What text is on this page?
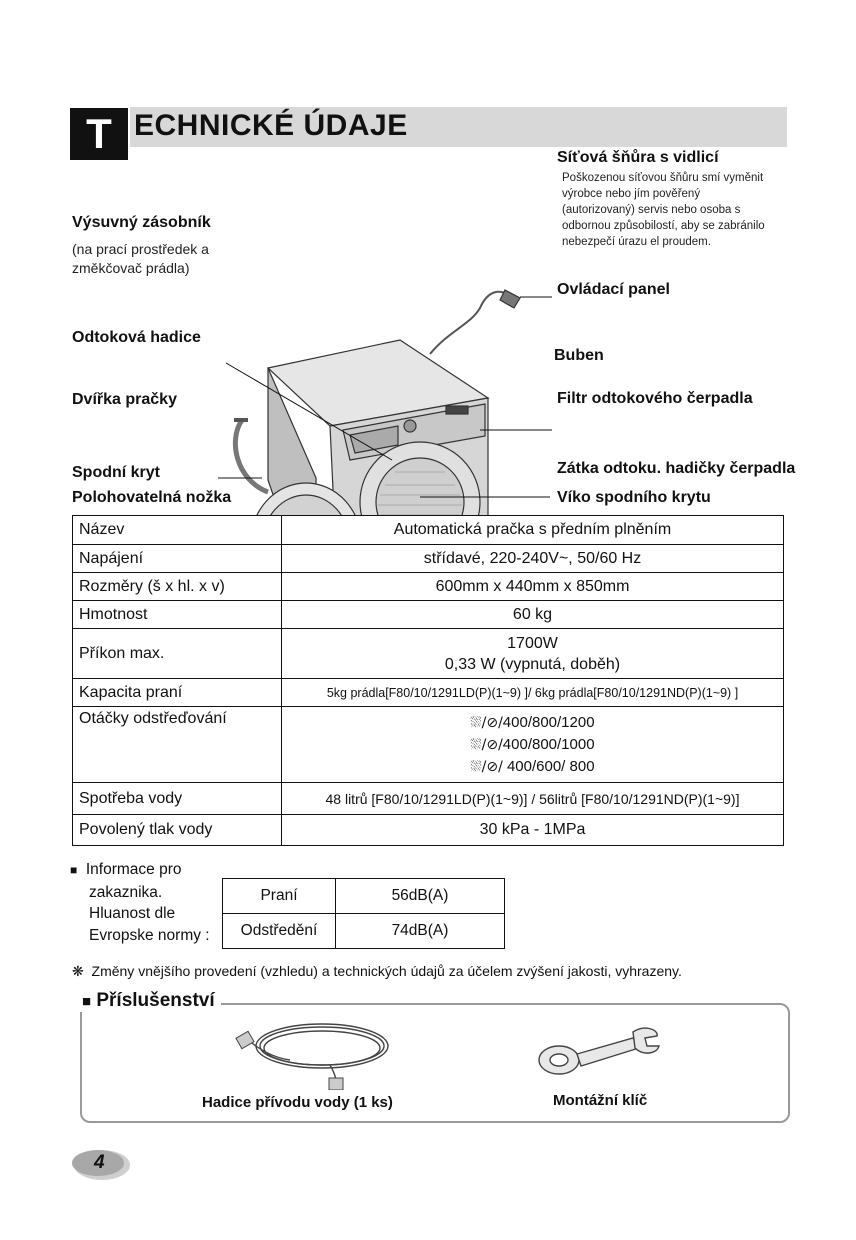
T ECHNICKÉ ÚDAJE
Síťová šňůra s vidlicí
Poškozenou síťovou šňůru smí vyměnit
výrobce nebo jím pověřený
(autorizovaný) servis nebo osoba s
odbornou způsobilostí, aby se zabránilo
nebezpečí úrazu el proudem.
Výsuvný zásobník
(na prací prostředek a
změkčovač prádla)
Ovládací panel
Odtoková hadice
Buben
Dvířka pračky	Filtr odtokového čerpadla
Spodní kryt	Zátka odtoku. hadičky čerpadla
Polohovatelná nožka	Víko spodního krytu
Název	Automatická pračka s předním plněním
Napájení	střídavé, 220-240V~, 50/60 Hz
Rozměry (š x hl. x v)	600mm x 440mm x 850mm
Hmotnost	60 kg
Příkon max.	1700W
0,33 W (vypnutá, doběh)

Kapacita praní	5kg prádla[F80/10/1291LD(P)(1~9) ]/ 6kg prádla[F80/10/1291ND(P)(1~9) ]
Otáčky odstřeďování	⛆/⊘/400/800/1200
⛆/⊘/400/800/1000
⛆/⊘/ 400/600/ 800

Spotřeba vody	48 litrů [F80/10/1291LD(P)(1~9)] / 56litrů [F80/10/1291ND(P)(1~9)]
Povolený tlak vody	30 kPa - 1MPa
■ Informace pro
zakaznika.
Hluanost dle
Evropske normy :
Praní	56dB(A)
Odstředění	74dB(A)
❋ Změny vnějšího provedení (vzhledu) a technických údajů za účelem zvýšení jakosti, vyhrazeny.
■ Příslušenství
Hadice přívodu vody (1 ks)	Montážní klíč
4
